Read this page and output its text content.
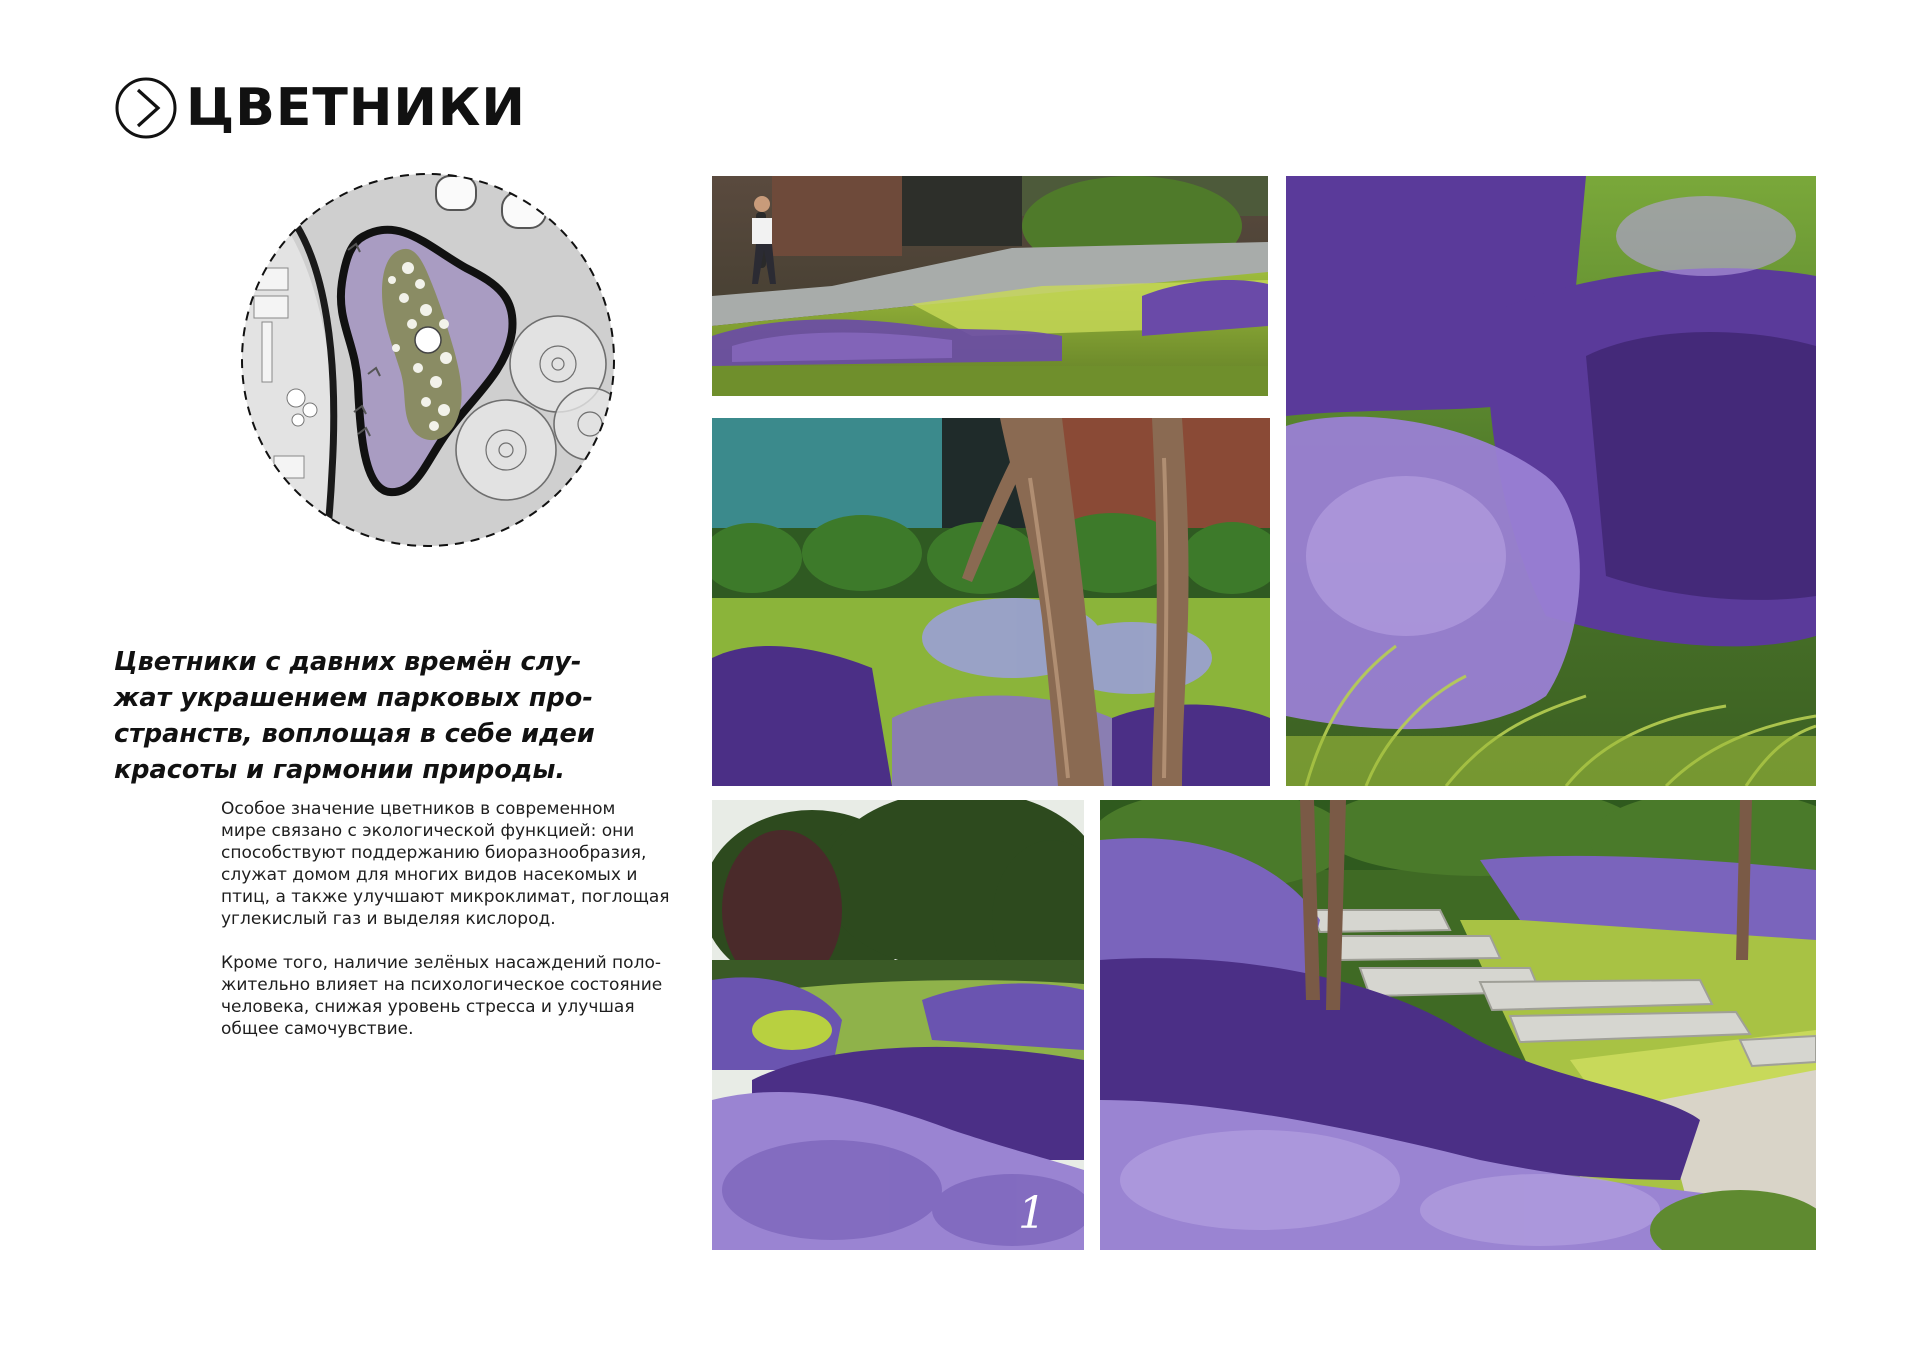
ЦВЕТНИКИ
Цветники с давних времён слу-
жат украшением парковых про-
странств, воплощая в себе идеи
красоты и гармонии природы.
Особое значение цветников в современном
мире связано с экологической функцией: они
способствуют поддержанию биоразнообразия,
служат домом для многих видов насекомых и
птиц, а также улучшают микроклимат, поглощая
углекислый газ и выделяя кислород.
Кроме того, наличие зелёных насаждений поло-
жительно влияет на психологическое состояние
человека, снижая уровень стресса и улучшая
общее самочувствие.
1
